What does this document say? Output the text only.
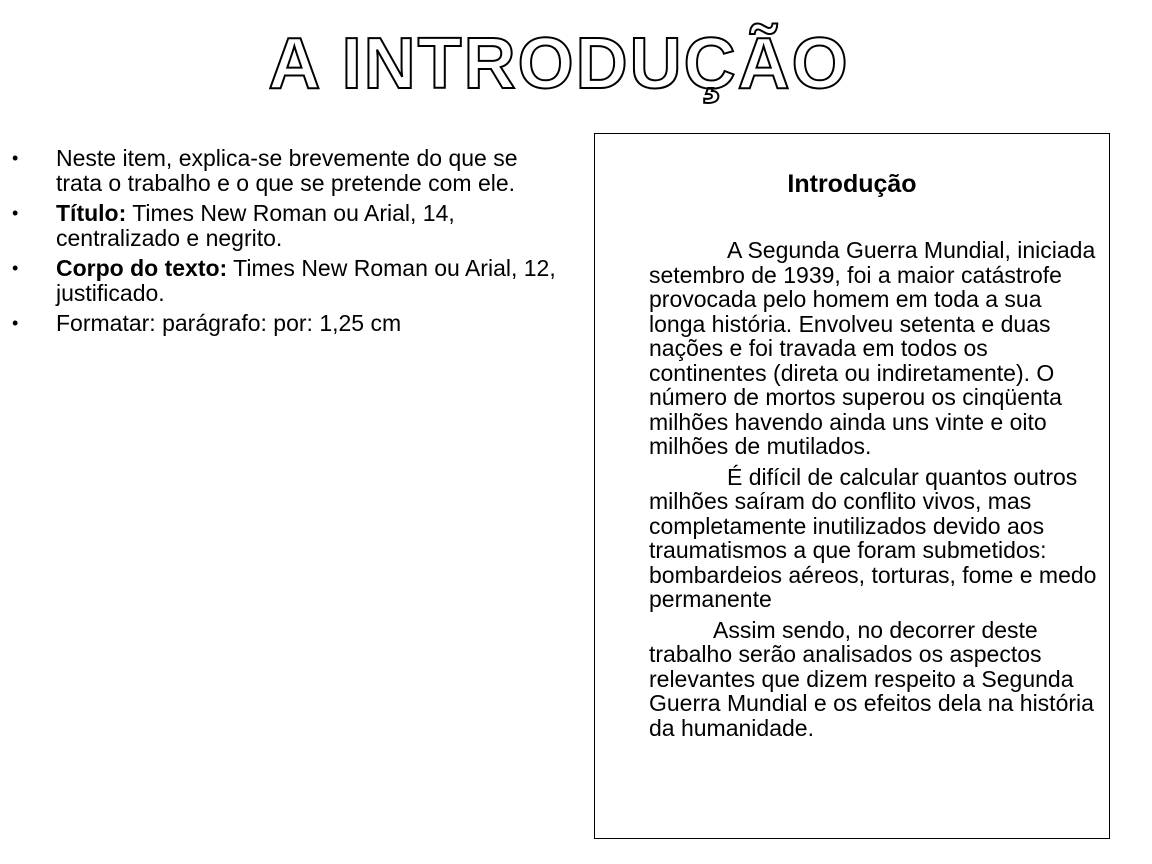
A INTRODUÇÃO
• Neste item, explica-se brevemente do que se trata o trabalho e o que se pretende com ele.
• Título: Times New Roman ou Arial, 14, centralizado e negrito.
• Corpo do texto: Times New Roman ou Arial, 12, justificado.
• Formatar: parágrafo: por: 1,25 cm
Introdução

A Segunda Guerra Mundial, iniciada setembro de 1939, foi a maior catástrofe provocada pelo homem em toda a sua longa história. Envolveu setenta e duas nações e foi travada em todos os continentes (direta ou indiretamente). O número de mortos superou os cinqüenta milhões havendo ainda uns vinte e oito milhões de mutilados.

É difícil de calcular quantos outros milhões saíram do conflito vivos, mas completamente inutilizados devido aos traumatismos a que foram submetidos: bombardeios aéreos, torturas, fome e medo permanente

Assim sendo, no decorrer deste trabalho serão analisados os aspectos relevantes que dizem respeito a Segunda Guerra Mundial e os efeitos dela na história da humanidade.
